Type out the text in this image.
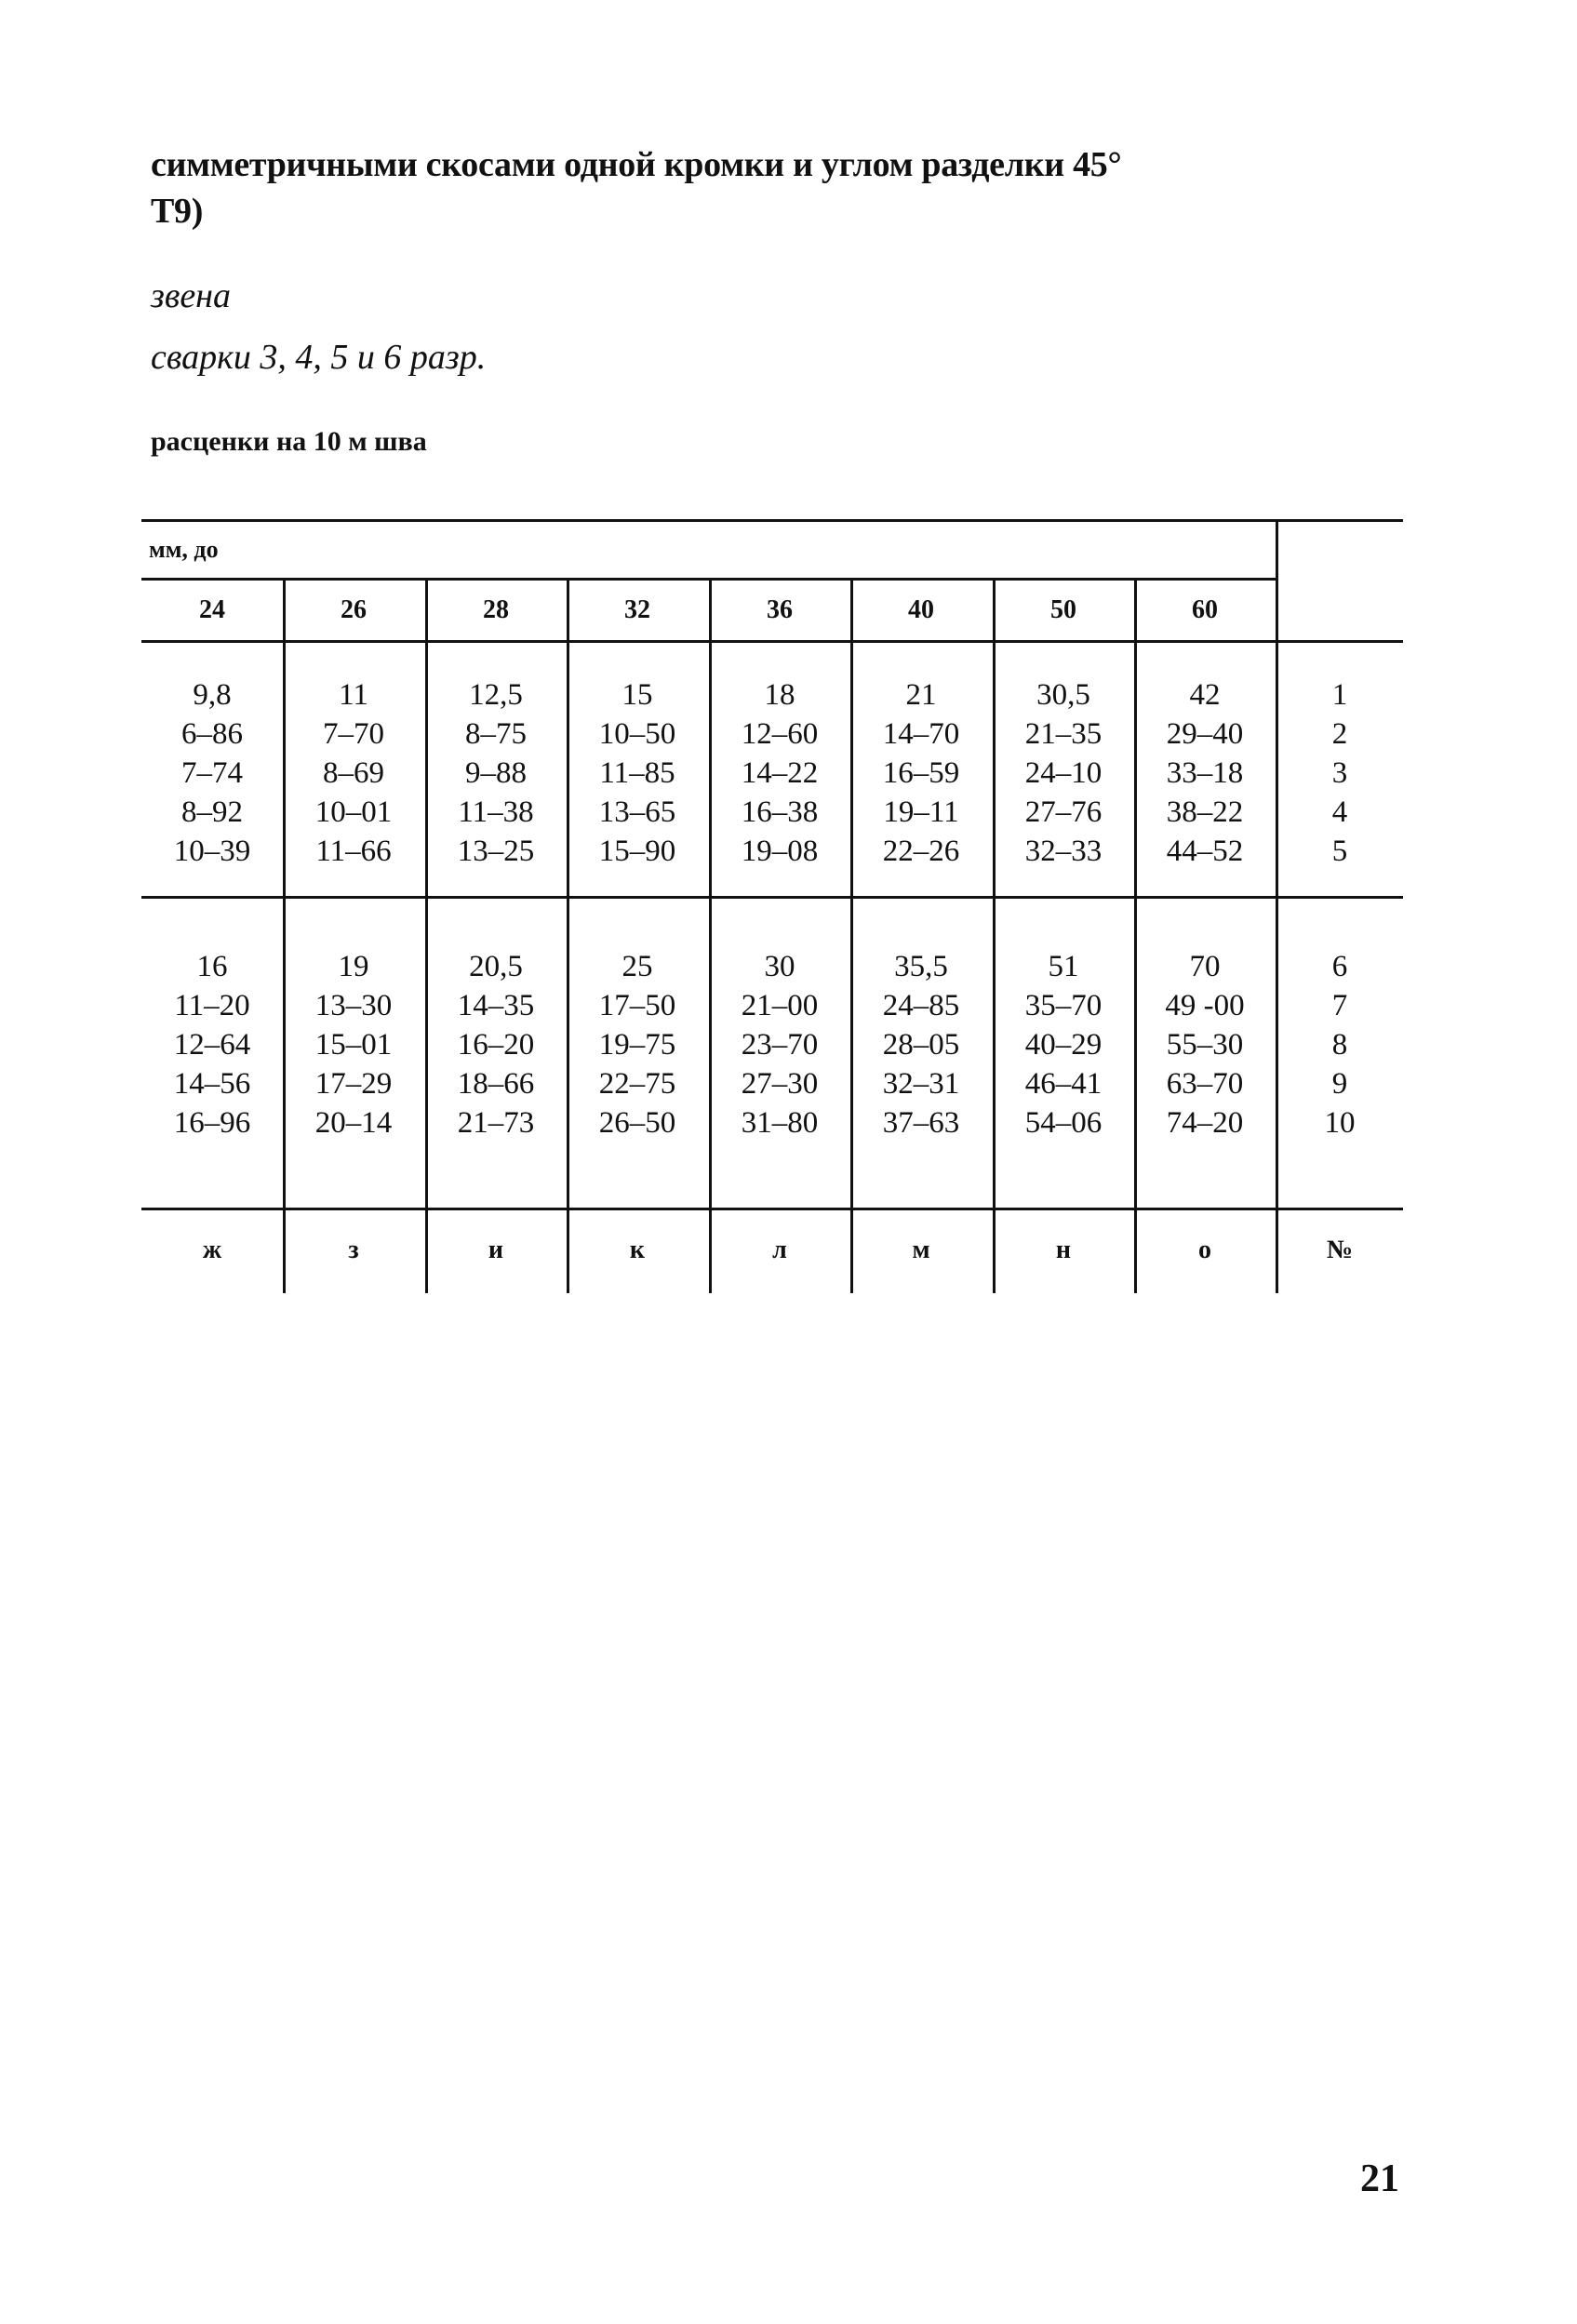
симметричными скосами одной кромки и углом разделки 45°
Т9)
звена
сварки 3, 4, 5 и 6 разр.
расценки на 10 м шва
мм, до
24	26	28	32	36	40	50	60
9,8	11	12,5	15	18	21	30,5	42	1
6–86	7–70	8–75	10–50	12–60	14–70	21–35	29–40	2
7–74	8–69	9–88	11–85	14–22	16–59	24–10	33–18	3
8–92	10–01	11–38	13–65	16–38	19–11	27–76	38–22	4
10–39	11–66	13–25	15–90	19–08	22–26	32–33	44–52	5
16	19	20,5	25	30	35,5	51	70	6
11–20	13–30	14–35	17–50	21–00	24–85	35–70	49 -00	7
12–64	15–01	16–20	19–75	23–70	28–05	40–29	55–30	8
14–56	17–29	18–66	22–75	27–30	32–31	46–41	63–70	9
16–96	20–14	21–73	26–50	31–80	37–63	54–06	74–20	10
ж	з	и	к	л	м	н	о	№
21
